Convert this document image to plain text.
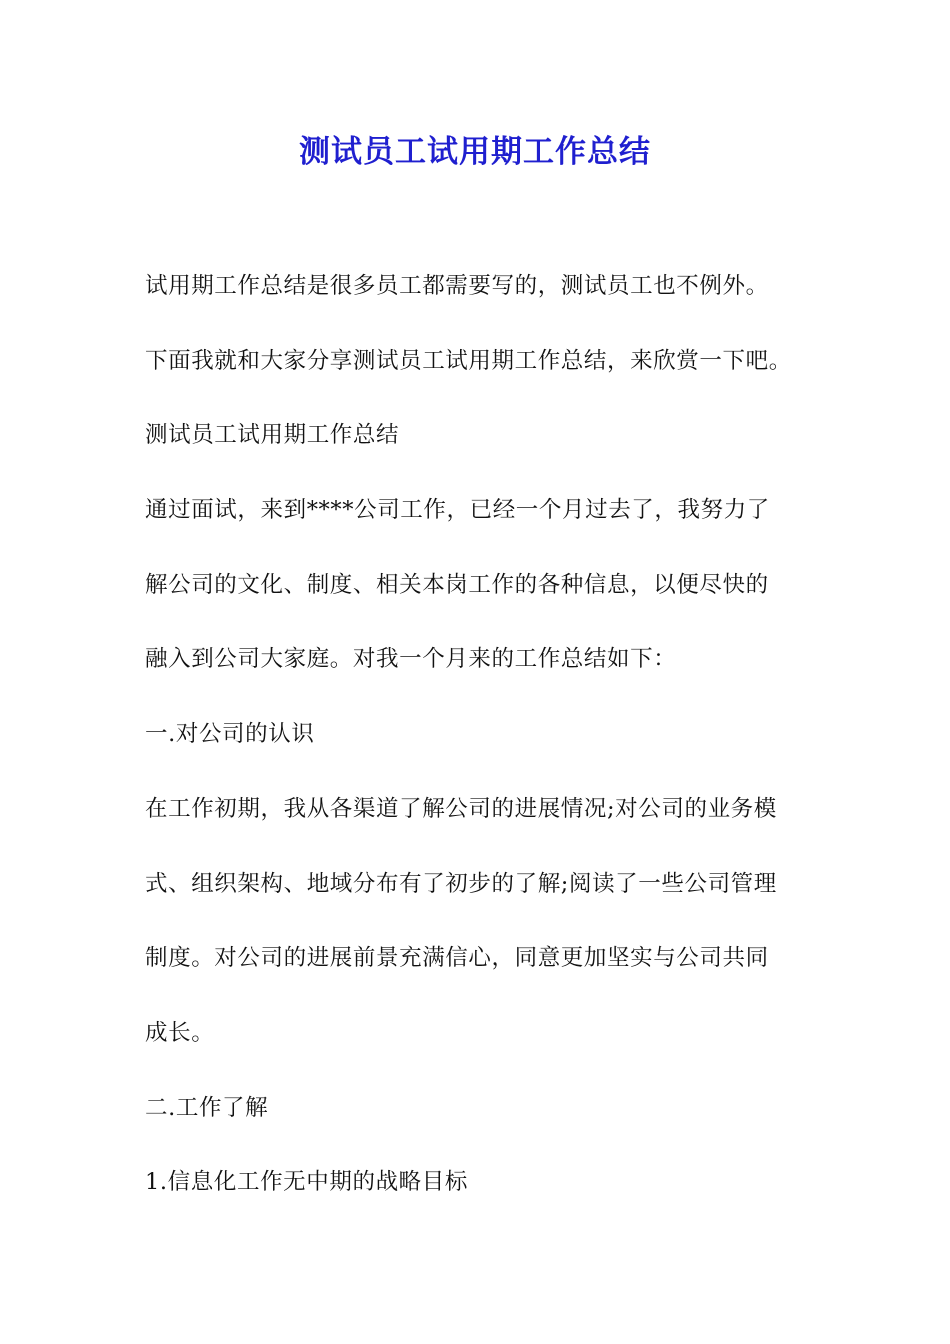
测试员工试用期工作总结
试用期工作总结是很多员工都需要写的，测试员工也不例外。
下面我就和大家分享测试员工试用期工作总结，来欣赏一下吧。
测试员工试用期工作总结
通过面试，来到****公司工作，已经一个月过去了，我努力了
解公司的文化、制度、相关本岗工作的各种信息，以便尽快的
融入到公司大家庭。对我一个月来的工作总结如下：
一.对公司的认识
在工作初期，我从各渠道了解公司的进展情况;对公司的业务模
式、组织架构、地域分布有了初步的了解;阅读了一些公司管理
制度。对公司的进展前景充满信心，同意更加坚实与公司共同
成长。
二.工作了解
1.信息化工作无中期的战略目标
